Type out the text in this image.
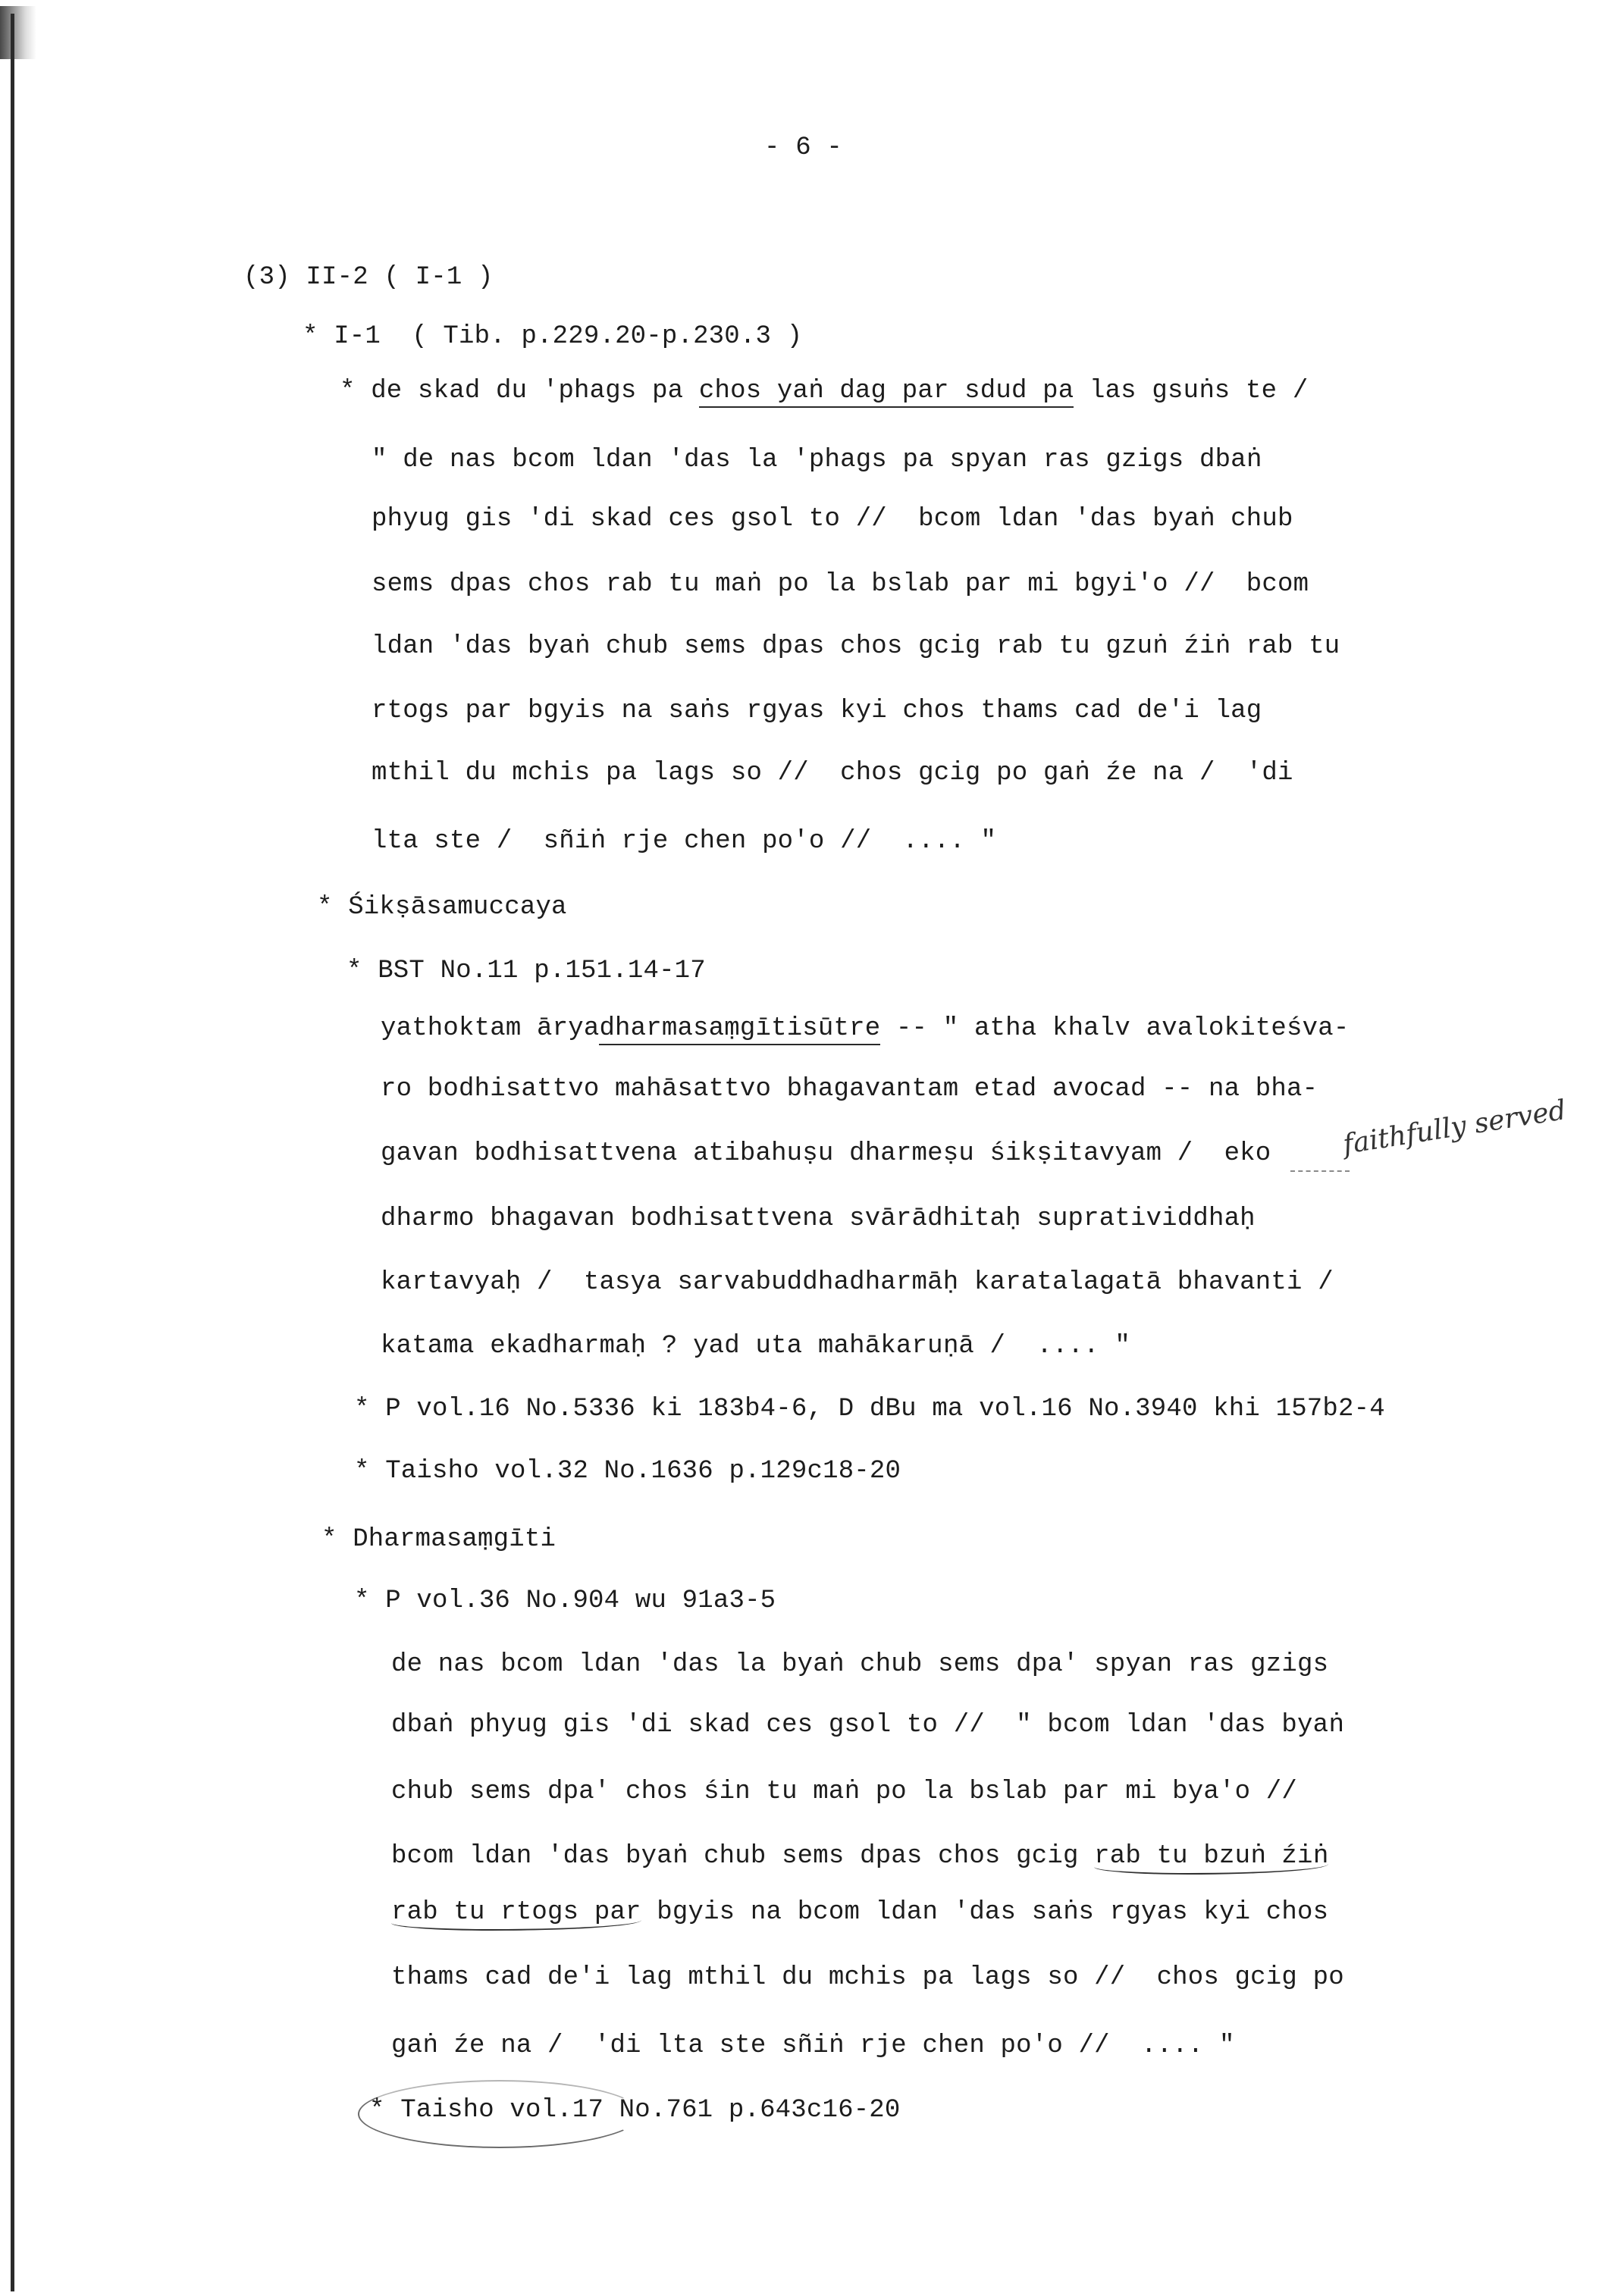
- 6 -
(3) II-2 ( I-1 )
* I-1  ( Tib. p.229.20-p.230.3 )
* de skad du 'phags pa chos yaṅ dag par sdud pa las gsuṅs te /
" de nas bcom ldan 'das la 'phags pa spyan ras gzigs dbaṅ
phyug gis 'di skad ces gsol to //  bcom ldan 'das byaṅ chub
sems dpas chos rab tu maṅ po la bslab par mi bgyi'o //  bcom
ldan 'das byaṅ chub sems dpas chos gcig rab tu gzuṅ źiṅ rab tu
rtogs par bgyis na saṅs rgyas kyi chos thams cad de'i lag
mthil du mchis pa lags so //  chos gcig po gaṅ źe na /  'di
lta ste /  sñiṅ rje chen po'o //  .... "
* Śikṣāsamuccaya
* BST No.11 p.151.14-17
yathoktam āryadharmasaṃgītisūtre -- " atha khalv avalokiteśva-
ro bodhisattvo mahāsattvo bhagavantam etad avocad -- na bha-
gavan bodhisattvena atibahuṣu dharmeṣu śikṣitavyam /  eko	faithfully served
dharmo bhagavan bodhisattvena svārādhitaḥ supratividdhaḥ
kartavyaḥ /  tasya sarvabuddhadharmāḥ karatalagatā bhavanti /
katama ekadharmaḥ ? yad uta mahākaruṇā /  .... "
* P vol.16 No.5336 ki 183b4-6, D dBu ma vol.16 No.3940 khi 157b2-4
* Taisho vol.32 No.1636 p.129c18-20
* Dharmasaṃgīti
* P vol.36 No.904 wu 91a3-5
de nas bcom ldan 'das la byaṅ chub sems dpa' spyan ras gzigs
dbaṅ phyug gis 'di skad ces gsol to //  " bcom ldan 'das byaṅ
chub sems dpa' chos śin tu maṅ po la bslab par mi bya'o //
bcom ldan 'das byaṅ chub sems dpas chos gcig rab tu bzuṅ źiṅ
rab tu rtogs par bgyis na bcom ldan 'das saṅs rgyas kyi chos
thams cad de'i lag mthil du mchis pa lags so //  chos gcig po
gaṅ źe na /  'di lta ste sñiṅ rje chen po'o //  .... "
* Taisho vol.17 No.761 p.643c16-20
